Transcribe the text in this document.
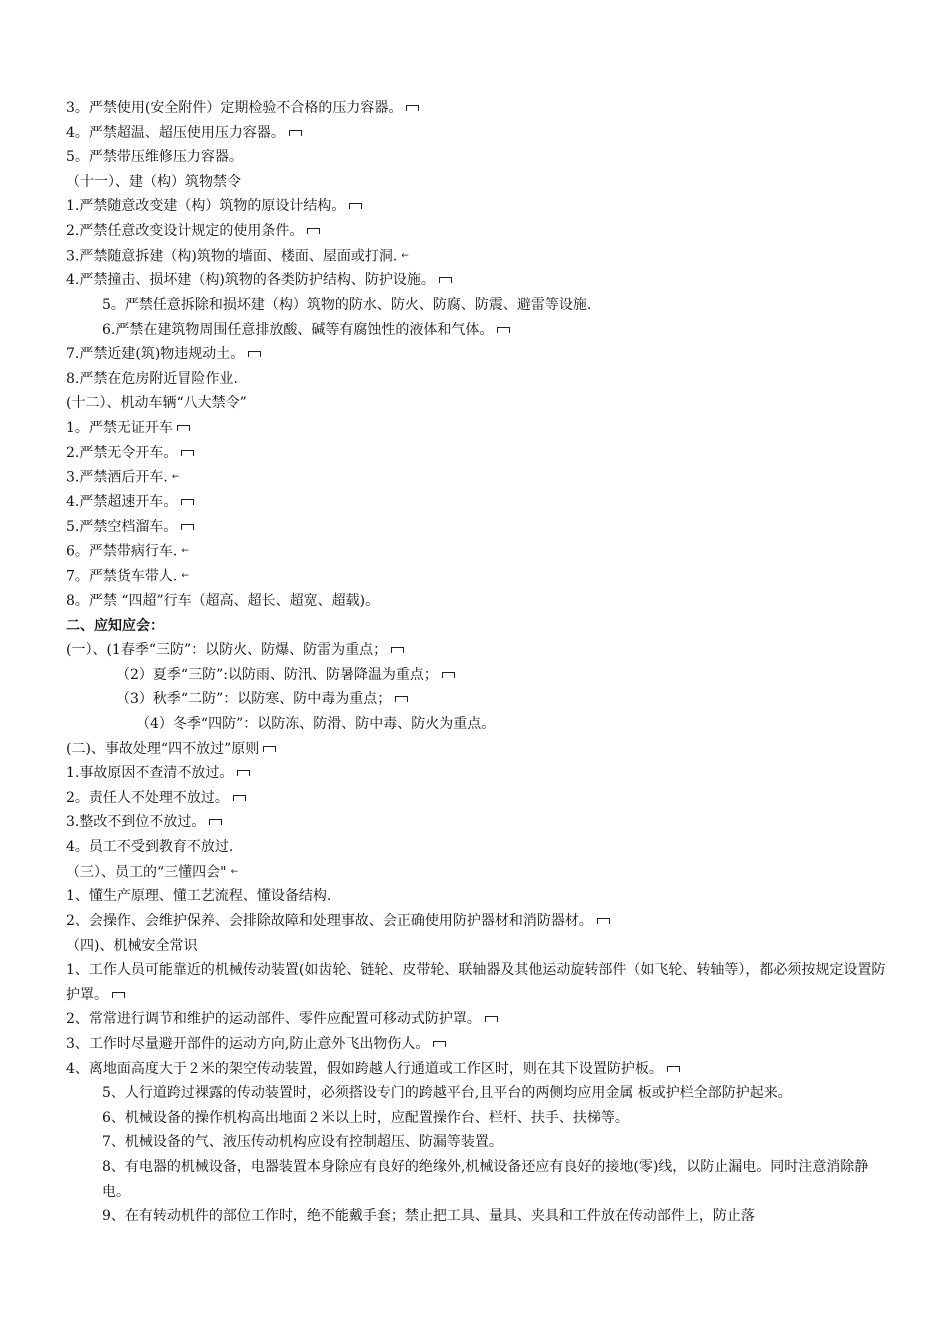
3。严禁使用(安全附件）定期检验不合格的压力容器。
4。严禁超温、超压使用压力容器。
5。严禁带压维修压力容器。
（十一）、建（构）筑物禁令
1.严禁随意改变建（构）筑物的原设计结构。
2.严禁任意改变设计规定的使用条件。
3.严禁随意拆建（构)筑物的墙面、楼面、屋面或打洞. ←
4.严禁撞击、损坏建（构)筑物的各类防护结构、防护设施。
5。严禁任意拆除和损坏建（构）筑物的防水、防火、防腐、防震、避雷等设施.
6.严禁在建筑物周围任意排放酸、碱等有腐蚀性的液体和气体。
7.严禁近建(筑)物违规动土。
8.严禁在危房附近冒险作业.
(十二）、机动车辆“八大禁令”
1。严禁无证开车
2.严禁无令开车。
3.严禁酒后开车. ←
4.严禁超速开车。
5.严禁空档溜车。
6。严禁带病行车. ←
7。严禁货车带人. ←
8。严禁 “四超”行车（超高、超长、超宽、超载)。
二、应知应会：
(一）、(1春季“三防”：以防火、防爆、防雷为重点；
（2）夏季“三防”:以防雨、防汛、防暑降温为重点；
（3）秋季“二防”：以防寒、防中毒为重点；
（4）冬季“四防”：以防冻、防滑、防中毒、防火为重点。
(二)、事故处理“四不放过”原则
1.事故原因不查清不放过。
2。责任人不处理不放过。
3.整改不到位不放过。
4。员工不受到教育不放过.
（三）、员工的“三懂四会" ←
1、懂生产原理、懂工艺流程、懂设备结构.
2、会操作、会维护保养、会排除故障和处理事故、会正确使用防护器材和消防器材。
（四)、机械安全常识
1、工作人员可能靠近的机械传动装置(如齿轮、链轮、皮带轮、联轴器及其他运动旋转部件（如飞轮、转轴等），都必须按规定设置防护罩。
2、常常进行调节和维护的运动部件、零件应配置可移动式防护罩。
3、工作时尽量避开部件的运动方向,防止意外飞出物伤人。
4、离地面高度大于２米的架空传动装置，假如跨越人行通道或工作区时，则在其下设置防护板。
5、人行道跨过裸露的传动装置时，必须搭设专门的跨越平台,且平台的两侧均应用金属 板或护栏全部防护起来。
6、机械设备的操作机构高出地面２米以上时，应配置操作台、栏杆、扶手、扶梯等。
7、机械设备的气、液压传动机构应设有控制超压、防漏等装置。
8、有电器的机械设备，电器装置本身除应有良好的绝缘外,机械设备还应有良好的接地(零)线，以防止漏电。同时注意消除静电。
9、在有转动机件的部位工作时，绝不能戴手套；禁止把工具、量具、夹具和工件放在传动部件上，防止落
